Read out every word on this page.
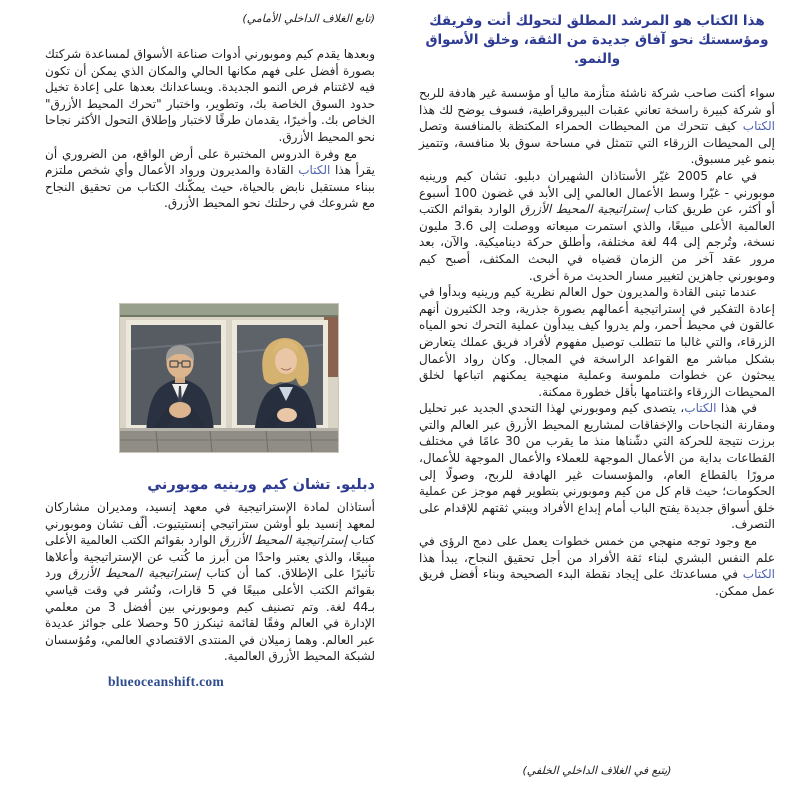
هذا الكتاب هو المرشد المطلق لتحولك أنت وفريقك ومؤسستك نحو آفاق جديدة من الثقة، وخلق الأسواق والنمو.

سواء أكنت صاحب شركة ناشئة متأزمة ماليا أو مؤسسة غير هادفة للربح أو شركة كبيرة راسخة تعاني عقبات البيروقراطية، فسوف يوضح لك هذا الكتاب كيف تتحرك من المحيطات الحمراء المكتظة بالمنافسة وتصل إلى المحيطات الزرقاء التي تتمثل في مساحة سوق بلا منافسة، وتتميز بنمو غير مسبوق.

في عام 2005 غيّر الأستاذان الشهيران دبليو. تشان كيم ورينيه موبورني - غيّرا وسط الأعمال العالمي إلى الأبد في غضون 100 أسبوع أو أكثر، عن طريق كتاب إستراتيجية المحيط الأزرق الوارد بقوائم الكتب العالمية الأعلى مبيعًا، والذي استمرت مبيعاته ووصلت إلى 3.6 مليون نسخة، وتُرجم إلى 44 لغة مختلفة، وأطلق حركة ديناميكية. والآن، بعد مرور عقد آخر من الزمان قضياه في البحث المكثف، أصبح كيم وموبورني جاهزين لتغيير مسار الحديث مرة أخرى.

عندما تبنى القادة والمديرون حول العالم نظرية كيم ورينيه وبدأوا في إعادة التفكير في إستراتيجية أعمالهم بصورة جذرية، وجد الكثيرون أنهم عالقون في محيط أحمر، ولم يدروا كيف يبدأون عملية التحرك نحو المياه الزرقاء، والتي غالبا ما تتطلب توصيل مفهوم لأفراد فريق عملك يتعارض بشكل مباشر مع القواعد الراسخة في المجال. وكان رواد الأعمال يبحثون عن خطوات ملموسة وعملية منهجية يمكنهم اتباعها لخلق المحيطات الزرقاء واغتنامها بأقل خطورة ممكنة.

في هذا الكتاب، يتصدى كيم وموبورني لهذا التحدي الجديد عبر تحليل ومقارنة النجاحات والإخفاقات لمشاريع المحيط الأزرق عبر العالم والتي برزت نتيجة للحركة التي دشّناها منذ ما يقرب من 30 عامًا في مختلف القطاعات بداية من الأعمال الموجهة للعملاء والأعمال الموجهة للأعمال، مرورًا بالقطاع العام، والمؤسسات غير الهادفة للربح، وصولًا إلى الحكومات؛ حيث قام كل من كيم وموبورني بتطوير فهم موجز عن عملية خلق أسواق جديدة يفتح الباب أمام إبداع الأفراد ويبني ثقتهم للإقدام على التصرف.

مع وجود توجه منهجي من خمس خطوات يعمل على دمج الرؤى في علم النفس البشري لبناء ثقة الأفراد من أجل تحقيق النجاح، يبدأ هذا الكتاب في مساعدتك على إيجاد نقطة البدء الصحيحة وبناء أفضل فريق عمل ممكن.

(يتبع في الغلاف الداخلي الخلفي)
(تابع الغلاف الداخلي الأمامي)

وبعدها يقدم كيم وموبورني أدوات صناعة الأسواق لمساعدة شركتك بصورة أفضل على فهم مكانها الحالي والمكان الذي يمكن أن تكون فيه لاغتنام فرص النمو الجديدة. ويساعدانك بعدها على إعادة تخيل حدود السوق الخاصة بك، وتطوير، واختبار "تحرك المحيط الأزرق" الخاص بك. وأخيرًا، يقدمان طرقًا لاختبار وإطلاق التحول الأكثر نجاحا نحو المحيط الأزرق.

مع وفرة الدروس المختبرة على أرض الواقع، من الضروري أن يقرأ هذا الكتاب القادة والمديرون ورواد الأعمال وأي شخص ملتزم ببناء مستقبل نابض بالحياة، حيث يمكّنك الكتاب من تحقيق النجاح مع شروعك في رحلتك نحو المحيط الأزرق.

دبليو. تشان كيم ورينيه موبورني

أستاذان لمادة الإستراتيجية في معهد إنسيد، ومديران مشاركان لمعهد إنسيد بلو أوشن ستراتيجي إنستيتيوت. ألّف تشان وموبورني كتاب إستراتيجية المحيط الأزرق الوارد بقوائم الكتب العالمية الأعلى مبيعًا، والذي يعتبر واحدًا من أبرز ما كُتب عن الإستراتيجية وأعلاها تأثيرًا على الإطلاق. كما أن كتاب إستراتيجية المحيط الأزرق ورد بقوائم الكتب الأعلى مبيعًا في 5 قارات، ونُشر في وقت قياسي بـ44 لغة. وتم تصنيف كيم وموبورني بين أفضل 3 من معلمي الإدارة في العالم وفقًا لقائمة ثينكرز 50 وحصلا على جوائز عديدة عبر العالم. وهما زميلان في المنتدى الاقتصادي العالمي، ومُؤسسان لشبكة المحيط الأزرق العالمية.

blueoceanshift.com
